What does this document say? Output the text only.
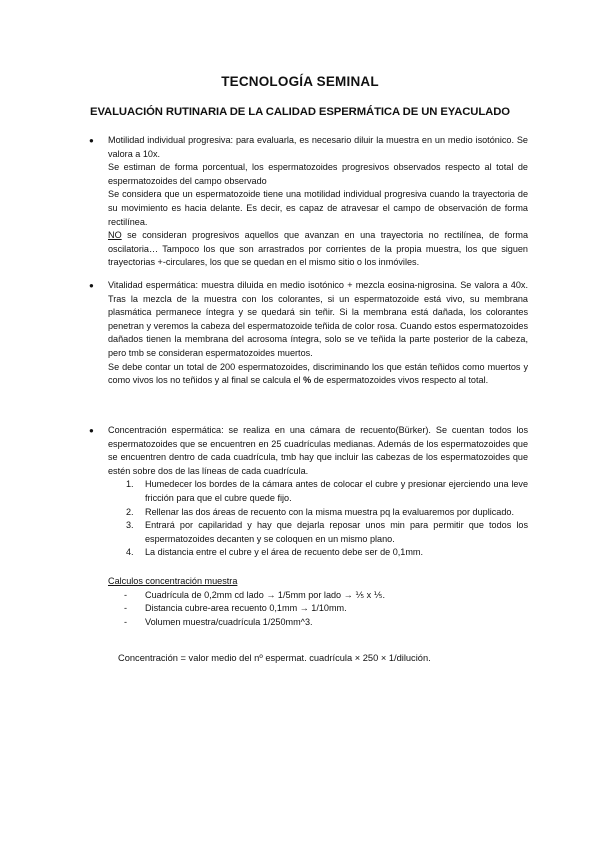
TECNOLOGÍA SEMINAL
EVALUACIÓN RUTINARIA DE LA CALIDAD ESPERMÁTICA DE UN EYACULADO
● Motilidad individual progresiva: para evaluarla, es necesario diluir la muestra en un medio isotónico. Se valora a 10x.

Se estiman de forma porcentual, los espermatozoides progresivos observados respecto al total de espermatozoides del campo observado

Se considera que un espermatozoide tiene una motilidad individual progresiva cuando la trayectoria de su movimiento es hacia delante. Es decir, es capaz de atravesar el campo de observación de forma rectilínea.

NO se consideran progresivos aquellos que avanzan en una trayectoria no rectilínea, de forma oscilatoria… Tampoco los que son arrastrados por corrientes de la propia muestra, los que siguen trayectorias +-circulares, los que se quedan en el mismo sitio o los inmóviles.

● Vitalidad espermática: muestra diluida en medio isotónico + mezcla eosina-nigrosina. Se valora a 40x. Tras la mezcla de la muestra con los colorantes, si un espermatozoide está vivo, su membrana plasmática permanece íntegra y se quedará sin teñir. Si la membrana está dañada, los colorantes penetran y veremos la cabeza del espermatozoide teñida de color rosa. Cuando estos espermatozoides dañados tienen la membrana del acrosoma íntegra, solo se ve teñida la parte posterior de la cabeza, pero tmb se consideran espermatozoides muertos.

Se debe contar un total de 200 espermatozoides, discriminando los que están teñidos como muertos y como vivos los no teñidos y al final se calcula el % de espermatozoides vivos respecto al total.

● Concentración espermática: se realiza en una cámara de recuento(Bürker). Se cuentan todos los espermatozoides que se encuentren en 25 cuadrículas medianas. Además de los espermatozoides que se encuentren dentro de cada cuadrícula, tmb hay que incluir las cabezas de los espermatozoides que estén sobre dos de las líneas de cada cuadrícula.

1. Humedecer los bordes de la cámara antes de colocar el cubre y presionar ejerciendo una leve fricción para que el cubre quede fijo.
2. Rellenar las dos áreas de recuento con la misma muestra pq la evaluaremos por duplicado.
3. Entrará por capilaridad y hay que dejarla reposar unos min para permitir que todos los espermatozoides decanten y se coloquen en un mismo plano.
4. La distancia entre el cubre y el área de recuento debe ser de 0,1mm.

Calculos concentración muestra

- Cuadrícula de 0,2mm cd lado → 1/5mm por lado → ⅕ x ⅕.
- Distancia cubre-area recuento 0,1mm → 1/10mm.
- Volumen muestra/cuadrícula 1/250mm^3.
Concentración = valor medio del nº espermat. cuadrícula × 250 × 1/dilución.
